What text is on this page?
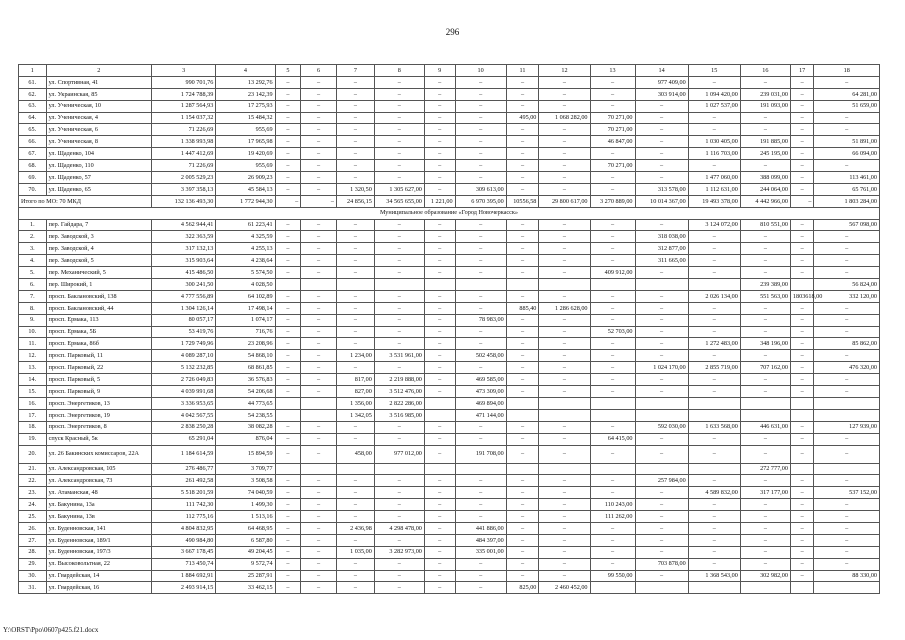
296
1	2	3	4	5	6	7	8	9	10	11	12	13	14	15	16	17	18
61.	ул. Спортивная, 41	990 701,76	13 292,76	–	–	–	–	–	–	–	–	–	977 409,00	–	–	–	–
62.	ул. Украинская, 85	1 724 788,39	23 142,39	–	–	–	–	–	–	–	–	–	303 914,00	1 094 420,00	239 031,00	–	64 281,00
63.	ул. Ученическая, 10	1 287 564,93	17 275,93	–	–	–	–	–	–	–	–	–	–	1 027 537,00	191 093,00	–	51 659,00
64.	ул. Ученическая, 4	1 154 037,32	15 484,32	–	–	–	–	–	–	495,00	1 068 282,00	70 271,00	–	–	–	–	–
65.	ул. Ученическая, 6	71 226,69	955,69	–	–	–	–	–	–	–	–	70 271,00	–	–	–	–	–
66.	ул. Ученическая, 8	1 338 993,98	17 965,98	–	–	–	–	–	–	–	–	46 847,00	–	1 030 405,00	191 885,00	–	51 891,00
67.	ул. Щаденко, 104	1 447 412,69	19 420,69	–	–	–	–	–	–	–	–	–	–	1 116 703,00	245 195,00	–	66 094,00
68.	ул. Щаденко, 110	71 226,69	955,69	–	–	–	–	–	–	–	–	70 271,00	–	–	–	–	–
69.	ул. Щаденко, 57	2 005 529,23	26 909,23	–	–	–	–	–	–	–	–	–	–	1 477 060,00	388 099,00	–	113 461,00
70.	ул. Щаденко, 65	3 397 358,13	45 584,13	–	–	1 320,50	1 305 627,00	–	309 613,00	–	–	–	313 578,00	1 112 631,00	244 064,00	–	65 761,00
Итого по МО: 70 МКД		132 136 493,30	1 772 944,30	–	–	24 856,15	34 565 655,00	1 221,00	6 970 395,00	10556,58	29 800 617,00	3 270 889,00	10 014 367,00	19 493 378,00	4 442 966,00	–	1 803 284,00
Муниципальное образование «Город Новочеркасск»																	
1.	пер. Гайдара, 7	4 562 944,41	61 223,41	–	–	–	–	–	–	–	–	–	–	3 124 072,00	810 551,00	–	567 098,00
2.	пер. Заводской, 3	322 363,59	4 325,59	–	–	–	–	–	–	–	–	–	318 038,00	–	–	–	–
3.	пер. Заводской, 4	317 132,13	4 255,13	–	–	–	–	–	–	–	–	–	312 877,00	–	–	–	–
4.	пер. Заводской, 5	315 903,64	4 238,64	–	–	–	–	–	–	–	–	–	311 665,00	–	–	–	–
5.	пер. Механический, 5	415 486,50	5 574,50	–	–	–	–	–	–	–	–	409 912,00	–	–	–	–	–
6.	пер. Широкий, 1	300 241,50	4 028,50												239 389,00		56 824,00
7.	просп. Баклановский, 138	4 777 556,89	64 102,89	–	–	–	–	–	–	–	–	–	–	2 026 134,00	551 563,00	1803618,00	332 120,00
8.	просп. Баклановский, 44	1 304 126,14	17 498,14	–	–	–	–	–	–	885,40	1 286 628,00	–	–	–	–	–	–
9.	просп. Ермака, 113	80 057,17	1 074,17	–	–	–	–	–	78 983,00	–	–	–	–	–	–	–	–
10.	просп. Ермака, 5Б	53 419,76	716,76	–	–	–	–	–	–	–	–	52 703,00	–	–	–	–	–
11.	просп. Ермака, 86б	1 729 749,96	23 208,96	–	–	–	–	–	–	–	–	–	–	1 272 483,00	348 196,00	–	85 862,00
12.	просп. Парковый, 11	4 089 287,10	54 868,10	–	–	1 234,00	3 531 961,00	–	502 458,00	–	–	–	–	–	–	–	–
13.	просп. Парковый, 22	5 132 232,85	68 861,85	–	–	–	–	–	–	–	–	–	1 024 170,00	2 855 719,00	707 162,00	–	476 320,00
14.	просп. Парковый, 5	2 726 049,83	36 576,83	–	–	817,00	2 219 888,00	–	469 585,00	–	–	–	–	–	–	–	–
15.	просп. Парковый, 9	4 039 991,68	54 206,68	–	–	827,00	3 512 476,00	–	473 309,00	–	–	–	–	–	–	–	–
16.	просп. Энергетиков, 13	3 336 953,65	44 773,65			1 356,00	2 822 286,00		469 894,00								
17.	просп. Энергетиков, 19	4 042 567,55	54 238,55			1 342,05	3 516 985,00		471 144,00								
18.	просп. Энергетиков, 8	2 838 250,28	38 082,28	–	–	–	–	–	–	–	–	–	592 030,00	1 633 568,00	446 631,00	–	127 939,00
19.	спуск Красный, 5к	65 291,04	876,04	–	–	–	–	–	–	–	–	64 415,00	–	–	–	–	–
20.	ул. 26 Бакинских комиссаров, 22А	1 184 614,59	15 894,59	–	–	458,00	977 012,00	–	191 708,00	–	–	–	–	–	–	–	–
21.	ул. Александровская, 105	276 486,77	3 709,77												272 777,00		
22.	ул. Александровская, 73	261 492,58	3 508,58	–	–	–	–	–	–	–	–	–	257 984,00	–	–	–	–
23.	ул. Атаманская, 48	5 518 201,59	74 040,59	–	–	–	–	–	–	–	–	–	–	4 589 832,00	317 177,00	–	537 152,00
24.	ул. Бакунина, 13а	111 742,30	1 499,30	–	–	–	–	–	–	–	–	110 243,00	–	–	–	–	–
25.	ул. Бакунина, 13в	112 775,16	1 513,16	–	–	–	–	–	–	–	–	111 262,00	–	–	–	–	–
26.	ул. Буденновская, 141	4 804 832,95	64 468,95	–	–	2 436,98	4 298 478,00	–	441 886,00	–	–	–	–	–	–	–	–
27.	ул. Буденновская, 189/1	490 984,80	6 587,80	–	–	–	–	–	484 397,00	–	–	–	–	–	–	–	–
28.	ул. Буденновская, 197/3	3 667 178,45	49 204,45	–	–	1 035,00	3 282 973,00	–	335 001,00	–	–	–	–	–	–	–	–
29.	ул. Высоковольтная, 22	713 450,74	9 572,74	–	–	–	–	–	–	–	–	–	703 878,00	–	–	–	–
30.	ул. Гвардейская, 14	1 884 692,91	25 287,91	–	–	–	–	–	–	–	–	99 550,00	–	1 368 543,00	302 982,00	–	88 330,00
31.	ул. Гвардейская, 16	2 493 914,15	33 462,15	–	–	–	–	–	–	825,00	2 460 452,00						
Y:\ORST\Ppo\0607p425.f21.docx
